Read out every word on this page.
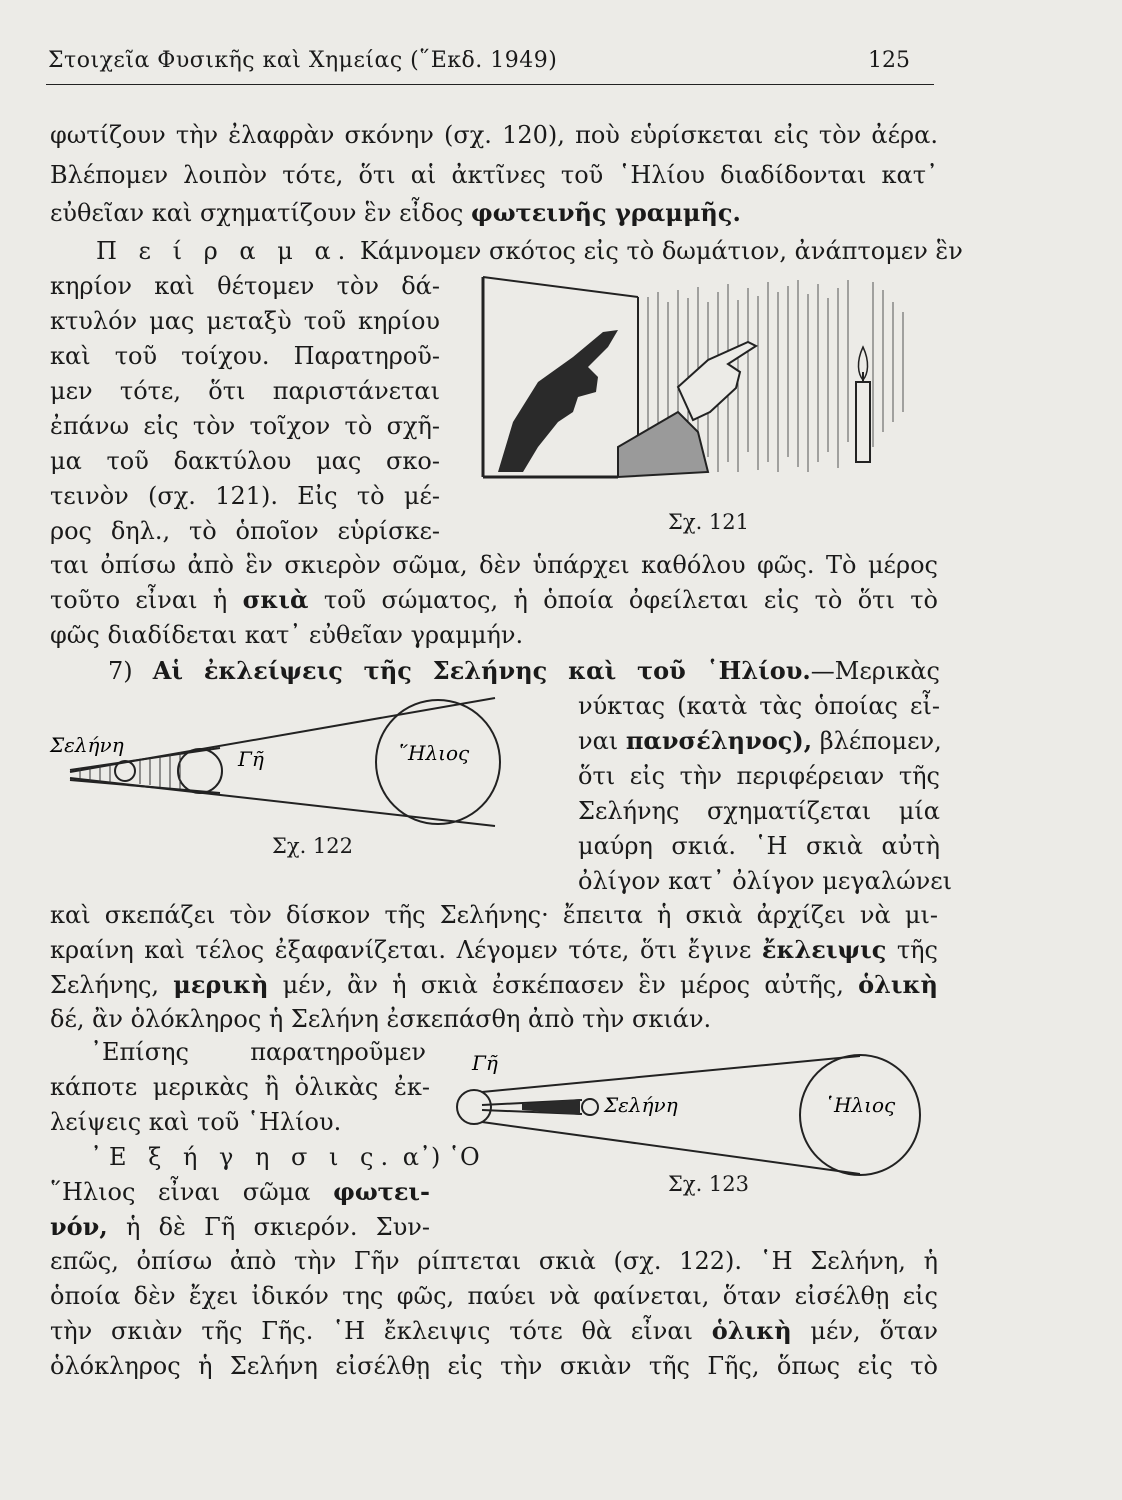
Στοιχεῖα Φυσικῆς καὶ Χημείας (῞Εκδ. 1949)	125
φωτίζουν τὴν ἐλαφρὰν σκόνην (σχ. 120), ποὺ εὑρίσκεται εἰς τὸν ἀέρα.
Βλέπομεν λοιπὸν τότε, ὅτι αἱ ἀκτῖνες τοῦ ῾Ηλίου διαδίδονται κατ᾿
εὐθεῖαν καὶ σχηματίζουν ἓν εἶδος φωτεινῆς γραμμῆς.
Π ε ί ρ α μ α. Κάμνομεν σκότος εἰς τὸ δωμάτιον, ἀνάπτομεν ἓν
κηρίον καὶ θέτομεν τὸν δά-
κτυλόν μας μεταξὺ τοῦ κηρίου
καὶ τοῦ τοίχου. Παρατηροῦ-
μεν τότε, ὅτι παριστάνεται
ἐπάνω εἰς τὸν τοῖχον τὸ σχῆ-
μα τοῦ δακτύλου μας σκο-
τεινὸν (σχ. 121). Εἰς τὸ μέ-
ρος δηλ., τὸ ὁποῖον εὑρίσκε-
ται ὀπίσω ἀπὸ ἓν σκιερὸν σῶμα, δὲν ὑπάρχει καθόλου φῶς. Τὸ μέρος
τοῦτο εἶναι ἡ σκιὰ τοῦ σώματος, ἡ ὁποία ὀφείλεται εἰς τὸ ὅτι τὸ
φῶς διαδίδεται κατ᾿ εὐθεῖαν γραμμήν.
7) Αἱ ἐκλείψεις τῆς Σελήνης καὶ τοῦ ῾Ηλίου.—Μερικὰς
νύκτας (κατὰ τὰς ὁποίας εἶ-
ναι πανσέληνος), βλέπομεν,
ὅτι εἰς τὴν περιφέρειαν τῆς
Σελήνης σχηματίζεται μία
μαύρη σκιά. ῾Η σκιὰ αὐτὴ
ὀλίγον κατ᾿ ὀλίγον μεγαλώνει
καὶ σκεπάζει τὸν δίσκον τῆς Σελήνης· ἔπειτα ἡ σκιὰ ἀρχίζει νὰ μι-
κραίνη καὶ τέλος ἐξαφανίζεται. Λέγομεν τότε, ὅτι ἔγινε ἔκλειψις τῆς
Σελήνης, μερικὴ μέν, ἂν ἡ σκιὰ ἐσκέπασεν ἓν μέρος αὐτῆς, ὁλικὴ
δέ, ἂν ὁλόκληρος ἡ Σελήνη ἐσκεπάσθη ἀπὸ τὴν σκιάν.
᾿Επίσης παρατηροῦμεν
κάποτε μερικὰς ἢ ὁλικὰς ἐκ-
λείψεις καὶ τοῦ ῾Ηλίου.
᾿Ε ξ ή γ η σ ι ς. α᾿) ῾Ο
῞Ηλιος εἶναι σῶμα φωτει-
νόν, ἡ δὲ Γῆ σκιερόν. Συν-
επῶς, ὀπίσω ἀπὸ τὴν Γῆν ρίπτεται σκιὰ (σχ. 122). ῾Η Σελήνη, ἡ
ὁποία δὲν ἔχει ἰδικόν της φῶς, παύει νὰ φαίνεται, ὅταν εἰσέλθῃ εἰς
τὴν σκιὰν τῆς Γῆς. ῾Η ἔκλειψις τότε θὰ εἶναι ὁλικὴ μέν, ὅταν
ὁλόκληρος ἡ Σελήνη εἰσέλθῃ εἰς τὴν σκιὰν τῆς Γῆς, ὅπως εἰς τὸ
Σχ. 121
Σελήνη
Γῆ	῞Ηλιος
Σχ. 122
Γῆ
Σελήνη	῾Ηλιος
Σχ. 123
